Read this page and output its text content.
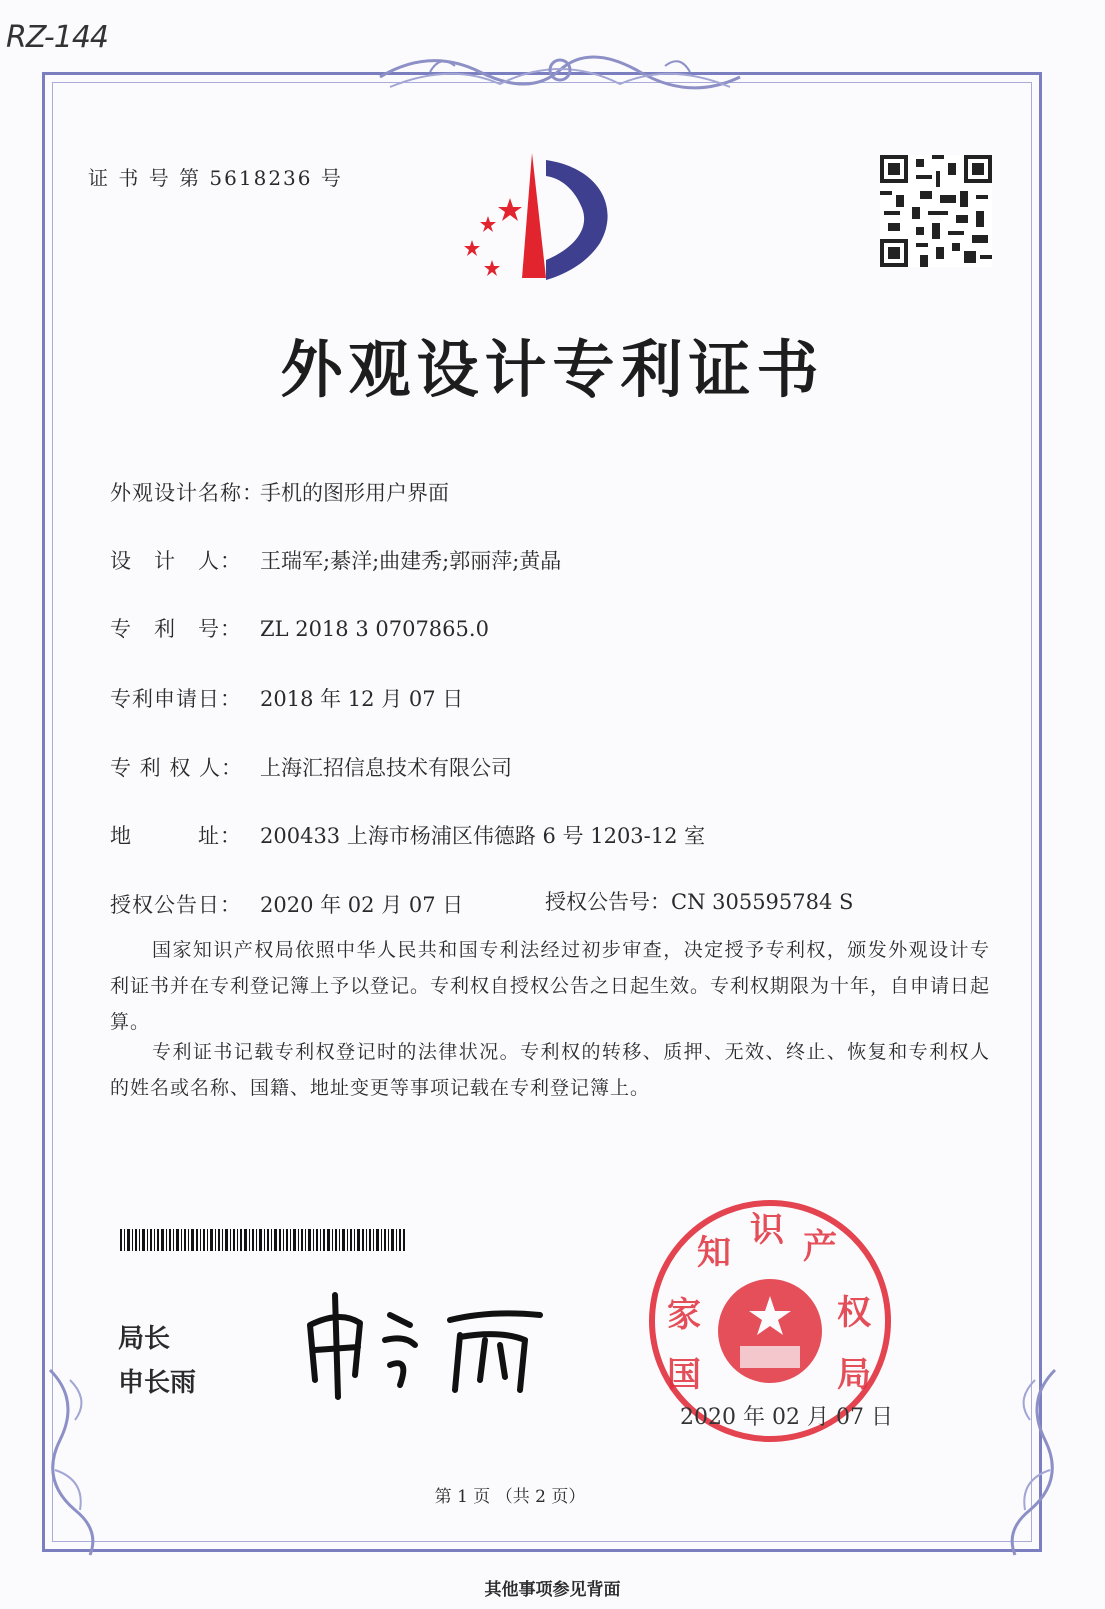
RZ-144
证 书 号 第 5618236 号
外观设计专利证书
外观设计名称：手机的图形用户界面
设　计　人： 王瑞军;綦洋;曲建秀;郭丽萍;黄晶
专　利　号： ZL 2018 3 0707865.0
专利申请日： 2018 年 12 月 07 日
专 利 权 人： 上海汇招信息技术有限公司
地　　　址： 200433 上海市杨浦区伟德路 6 号 1203-12 室
授权公告日： 2020 年 02 月 07 日	授权公告号：CN 305595784 S
国家知识产权局依照中华人民共和国专利法经过初步审查，决定授予专利权，颁发外观设计专利证书并在专利登记簿上予以登记。专利权自授权公告之日起生效。专利权期限为十年，自申请日起算。
专利证书记载专利权登记时的法律状况。专利权的转移、质押、无效、终止、恢复和专利权人的姓名或名称、国籍、地址变更等事项记载在专利登记簿上。
局长
申长雨
家
知
识 产
权
国	局
2020 年 02 月 07 日
第 1 页 （共 2 页）
其他事项参见背面
